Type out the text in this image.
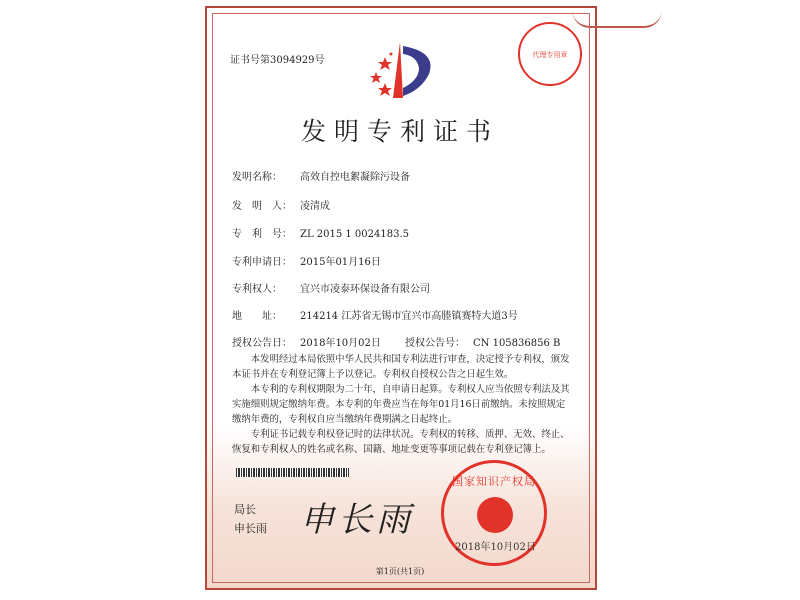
证书号第3094929号	代理专用章
发明专利证书
发明名称： 高效自控电絮凝除污设备
发　明　人： 凌清成
专　利　号： ZL 2015 1 0024183.5
专利申请日： 2015年01月16日
专利权人： 宜兴市凌泰环保设备有限公司
地　　址： 214214 江苏省无锡市宜兴市高塍镇赛特大道3号
授权公告日： 2018年10月02日 授权公告号： CN 105836856 B

本发明经过本局依照中华人民共和国专利法进行审查，决定授予专利权，颁发本证书并在专利登记簿上予以登记。专利权自授权公告之日起生效。

本专利的专利权期限为二十年，自申请日起算。专利权人应当依照专利法及其实施细则规定缴纳年费。本专利的年费应当在每年01月16日前缴纳。未按照规定缴纳年费的，专利权自应当缴纳年费期满之日起终止。

专利证书记载专利权登记时的法律状况。专利权的转移、质押、无效、终止、恢复和专利权人的姓名或名称、国籍、地址变更等事项记载在专利登记簿上。

局长
申长雨 申长雨
国家知识产权局
2018年10月02日
第1页(共1页)
